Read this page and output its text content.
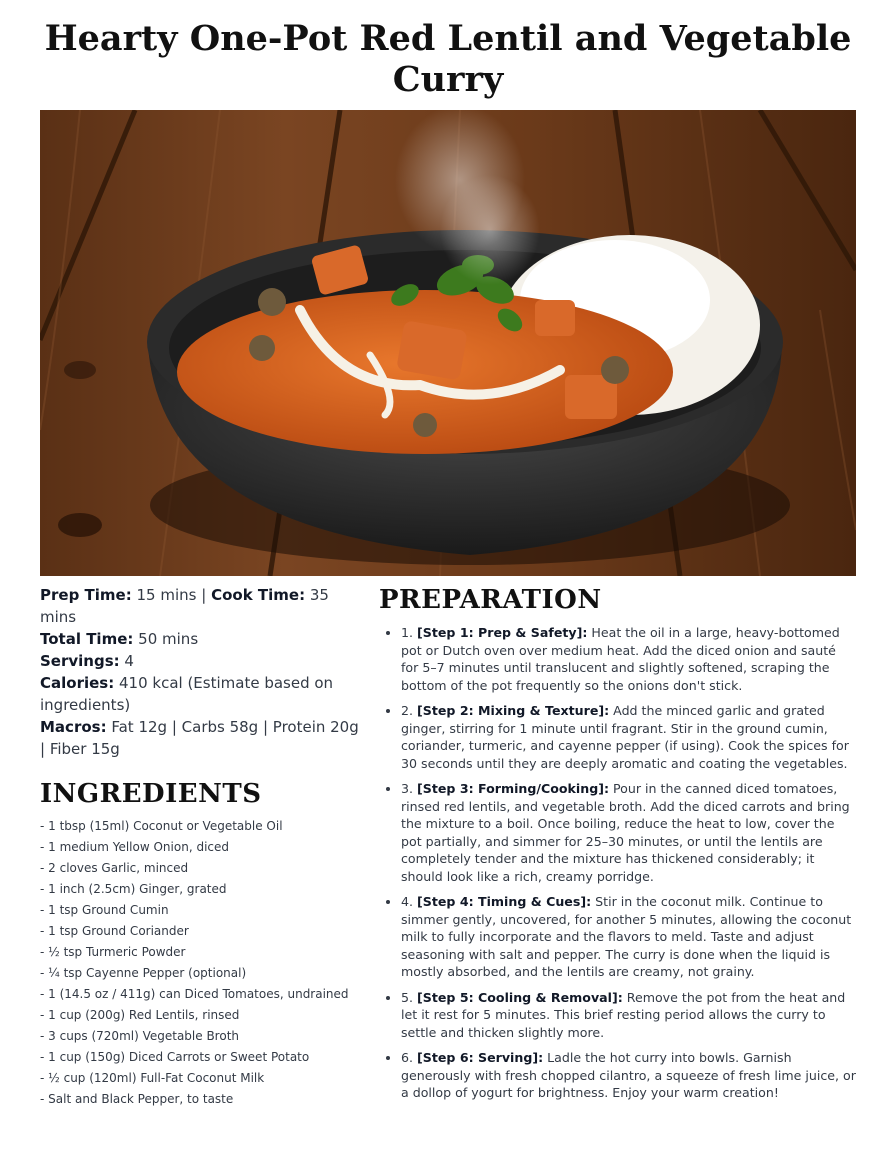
Hearty One-Pot Red Lentil and Vegetable Curry

Prep Time: 15 mins | Cook Time: 35 mins

Total Time: 50 mins

Servings: 4

Calories: 410 kcal (Estimate based on ingredients)

Macros: Fat 12g | Carbs 58g | Protein 20g | Fiber 15g

INGREDIENTS
- 1 tbsp (15ml) Coconut or Vegetable Oil
- 1 medium Yellow Onion, diced
- 2 cloves Garlic, minced
- 1 inch (2.5cm) Ginger, grated
- 1 tsp Ground Cumin
- 1 tsp Ground Coriander
- ½ tsp Turmeric Powder
- ¼ tsp Cayenne Pepper (optional)
- 1 (14.5 oz / 411g) can Diced Tomatoes, undrained
- 1 cup (200g) Red Lentils, rinsed
- 3 cups (720ml) Vegetable Broth
- 1 cup (150g) Diced Carrots or Sweet Potato
- ½ cup (120ml) Full-Fat Coconut Milk
- Salt and Black Pepper, to taste
PREPARATION
• 1. [Step 1: Prep & Safety]: Heat the oil in a large, heavy-bottomed pot or Dutch oven over medium heat. Add the diced onion and sauté for 5–7 minutes until translucent and slightly softened, scraping the bottom of the pot frequently so the onions don't stick.
• 2. [Step 2: Mixing & Texture]: Add the minced garlic and grated ginger, stirring for 1 minute until fragrant. Stir in the ground cumin, coriander, turmeric, and cayenne pepper (if using). Cook the spices for 30 seconds until they are deeply aromatic and coating the vegetables.
• 3. [Step 3: Forming/Cooking]: Pour in the canned diced tomatoes, rinsed red lentils, and vegetable broth. Add the diced carrots and bring the mixture to a boil. Once boiling, reduce the heat to low, cover the pot partially, and simmer for 25–30 minutes, or until the lentils are completely tender and the mixture has thickened considerably; it should look like a rich, creamy porridge.
• 4. [Step 4: Timing & Cues]: Stir in the coconut milk. Continue to simmer gently, uncovered, for another 5 minutes, allowing the coconut milk to fully incorporate and the flavors to meld. Taste and adjust seasoning with salt and pepper. The curry is done when the liquid is mostly absorbed, and the lentils are creamy, not grainy.
• 5. [Step 5: Cooling & Removal]: Remove the pot from the heat and let it rest for 5 minutes. This brief resting period allows the curry to settle and thicken slightly more.
• 6. [Step 6: Serving]: Ladle the hot curry into bowls. Garnish generously with fresh chopped cilantro, a squeeze of fresh lime juice, or a dollop of yogurt for brightness. Enjoy your warm creation!
